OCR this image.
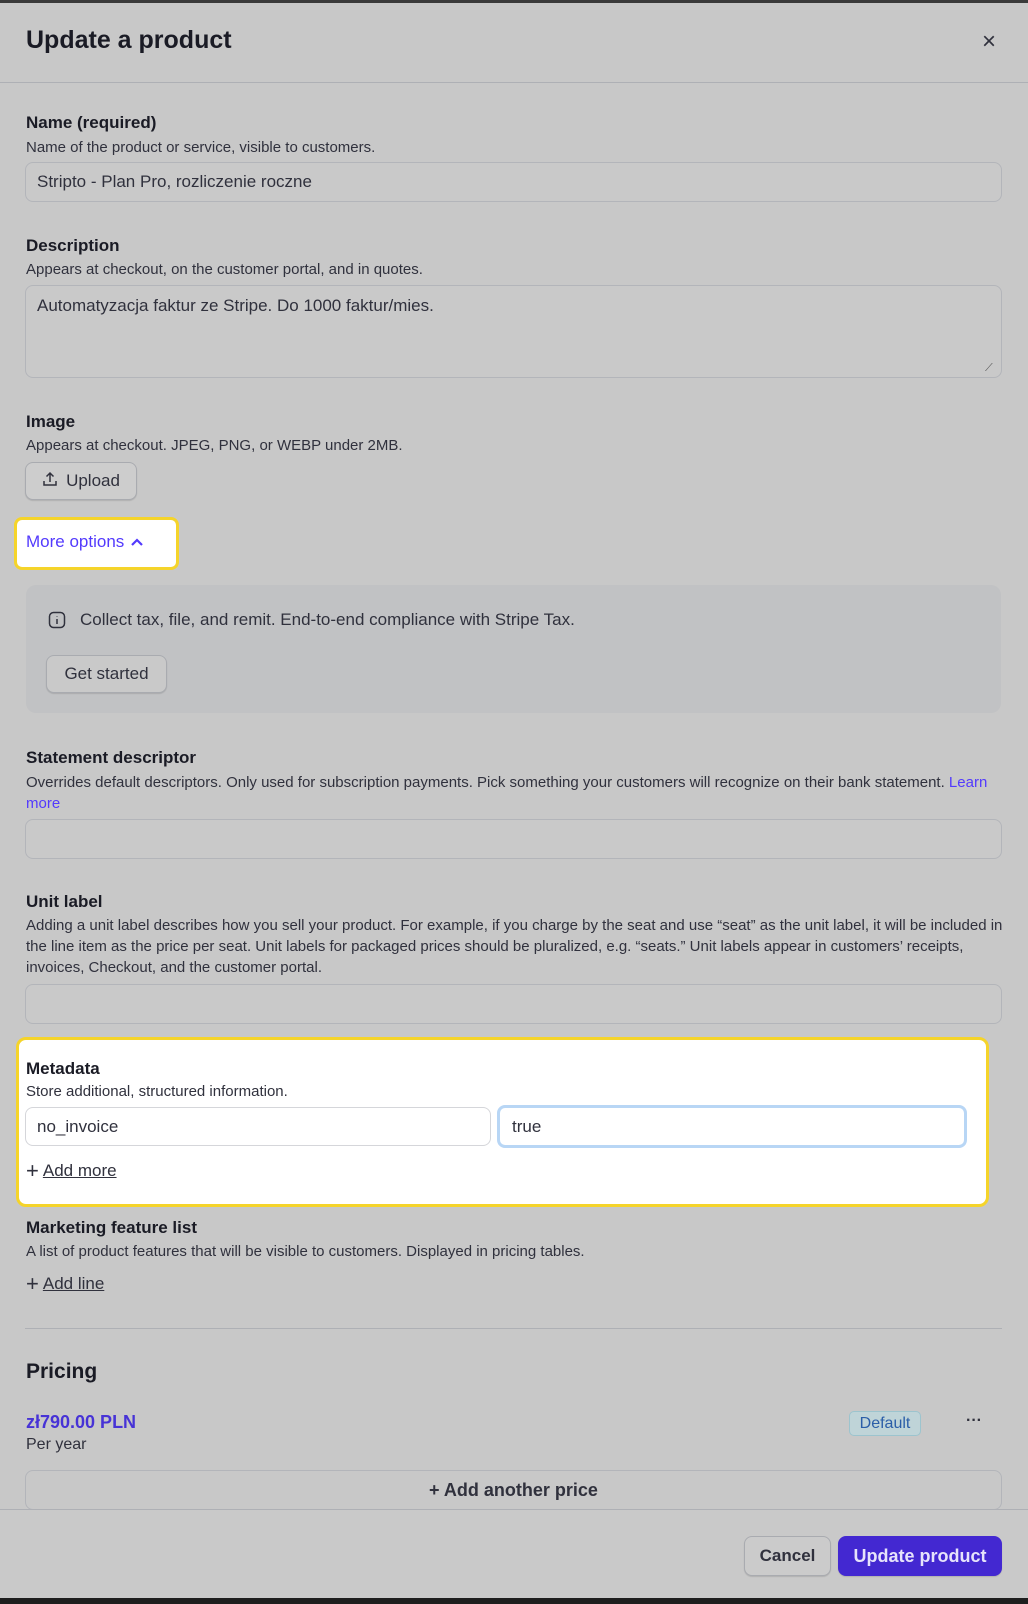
Update a product	×
Name (required)
Name of the product or service, visible to customers.
Stripto - Plan Pro, rozliczenie roczne
Description
Appears at checkout, on the customer portal, and in quotes.
Automatyzacja faktur ze Stripe. Do 1000 faktur/mies.
⟋
Image
Appears at checkout. JPEG, PNG, or WEBP under 2MB.
Upload
More options
Collect tax, file, and remit. End-to-end compliance with Stripe Tax.
Get started
Statement descriptor
Overrides default descriptors. Only used for subscription payments. Pick something your customers will recognize on their bank statement. Learn more
Unit label
Adding a unit label describes how you sell your product. For example, if you charge by the seat and use “seat” as the unit label, it will be included in the line item as the price per seat. Unit labels for packaged prices should be pluralized, e.g. “seats.” Unit labels appear in customers’ receipts, invoices, Checkout, and the customer portal.
Metadata
Store additional, structured information.
no_invoice	true
+ Add more
Marketing feature list
A list of product features that will be visible to customers. Displayed in pricing tables.
+ Add line
Pricing
zł790.00 PLN
Per year
Default	···
+ Add another price
Cancel	Update product
